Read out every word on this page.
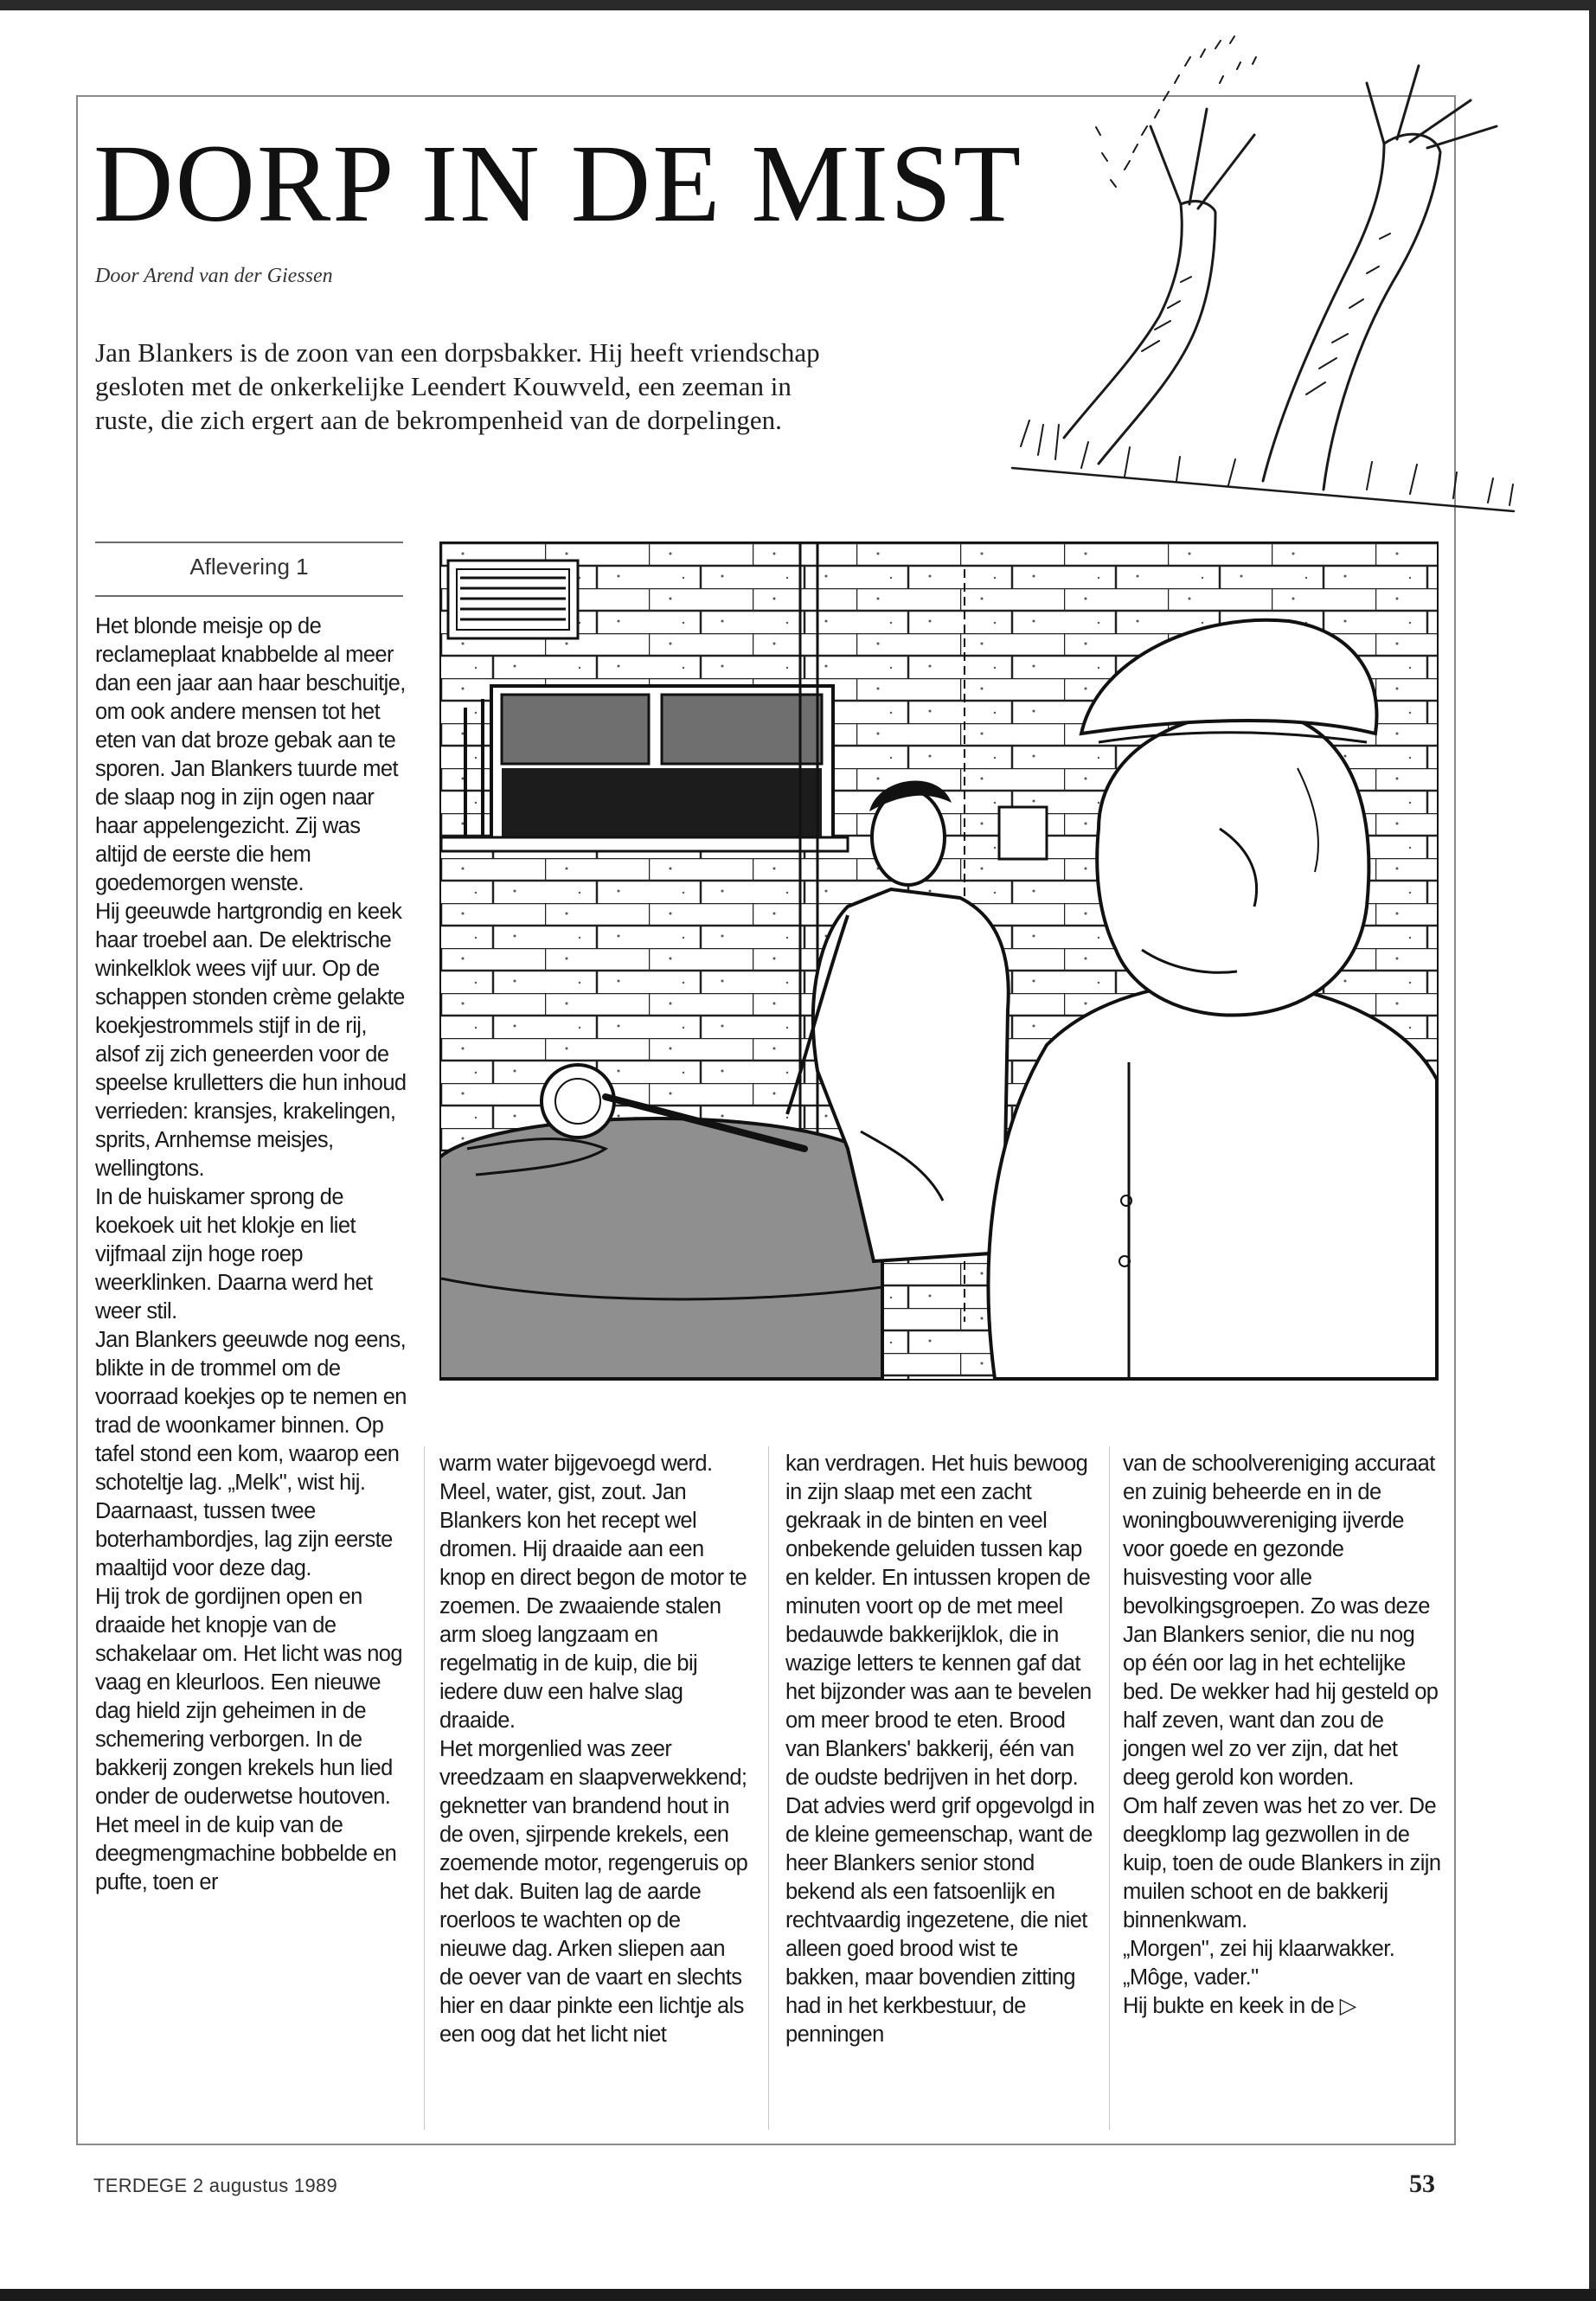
DORP IN DE MIST
Door Arend van der Giessen

Jan Blankers is de zoon van een dorpsbakker. Hij heeft vriendschap gesloten met de onkerkelijke Leendert Kouwveld, een zeeman in ruste, die zich ergert aan de bekrompenheid van de dorpelingen.

Aflevering 1

Het blonde meisje op de reclameplaat knabbelde al meer dan een jaar aan haar beschuitje, om ook andere mensen tot het eten van dat broze gebak aan te sporen. Jan Blankers tuurde met de slaap nog in zijn ogen naar haar appelengezicht. Zij was altijd de eerste die hem goedemorgen wenste.

Hij geeuwde hartgrondig en keek haar troebel aan. De elektrische winkelklok wees vijf uur. Op de schappen stonden crème gelakte koekjestrommels stijf in de rij, alsof zij zich geneerden voor de speelse krulletters die hun inhoud verrieden: kransjes, krakelingen, sprits, Arnhemse meisjes, wellingtons.

In de huiskamer sprong de koekoek uit het klokje en liet vijfmaal zijn hoge roep weerklinken. Daarna werd het weer stil.

Jan Blankers geeuwde nog eens, blikte in de trommel om de voorraad koekjes op te nemen en trad de woonkamer binnen. Op tafel stond een kom, waarop een schoteltje lag. „Melk", wist hij. Daarnaast, tussen twee boterhambordjes, lag zijn eerste maaltijd voor deze dag.

Hij trok de gordijnen open en draaide het knopje van de schakelaar om. Het licht was nog vaag en kleurloos. Een nieuwe dag hield zijn geheimen in de schemering verborgen. In de bakkerij zongen krekels hun lied onder de ouderwetse houtoven.

Het meel in de kuip van de deegmengmachine bobbelde en pufte, toen er

warm water bijgevoegd werd. Meel, water, gist, zout. Jan Blankers kon het recept wel dromen. Hij draaide aan een knop en direct begon de motor te zoemen. De zwaaiende stalen arm sloeg langzaam en regelmatig in de kuip, die bij iedere duw een halve slag draaide.

Het morgenlied was zeer vreedzaam en slaapverwekkend; geknetter van brandend hout in de oven, sjirpende krekels, een zoemende motor, regengeruis op het dak. Buiten lag de aarde roerloos te wachten op de nieuwe dag. Arken sliepen aan de oever van de vaart en slechts hier en daar pinkte een lichtje als een oog dat het licht niet

kan verdragen. Het huis bewoog in zijn slaap met een zacht gekraak in de binten en veel onbekende geluiden tussen kap en kelder. En intussen kropen de minuten voort op de met meel bedauwde bakkerijklok, die in wazige letters te kennen gaf dat het bijzonder was aan te bevelen om meer brood te eten. Brood van Blankers' bakkerij, één van de oudste bedrijven in het dorp. Dat advies werd grif opgevolgd in de kleine gemeenschap, want de heer Blankers senior stond bekend als een fatsoenlijk en rechtvaardig ingezetene, die niet alleen goed brood wist te bakken, maar bovendien zitting had in het kerkbestuur, de penningen

van de schoolvereniging accuraat en zuinig beheerde en in de woningbouwvereniging ijverde voor goede en gezonde huisvesting voor alle bevolkingsgroepen. Zo was deze Jan Blankers senior, die nu nog op één oor lag in het echtelijke bed. De wekker had hij gesteld op half zeven, want dan zou de jongen wel zo ver zijn, dat het deeg gerold kon worden.

Om half zeven was het zo ver. De deegklomp lag gezwollen in de kuip, toen de oude Blankers in zijn muilen schoot en de bakkerij binnenkwam.

„Morgen", zei hij klaarwakker.

„Môge, vader."

Hij bukte en keek in de ▷

TERDEGE 2 augustus 1989	53
